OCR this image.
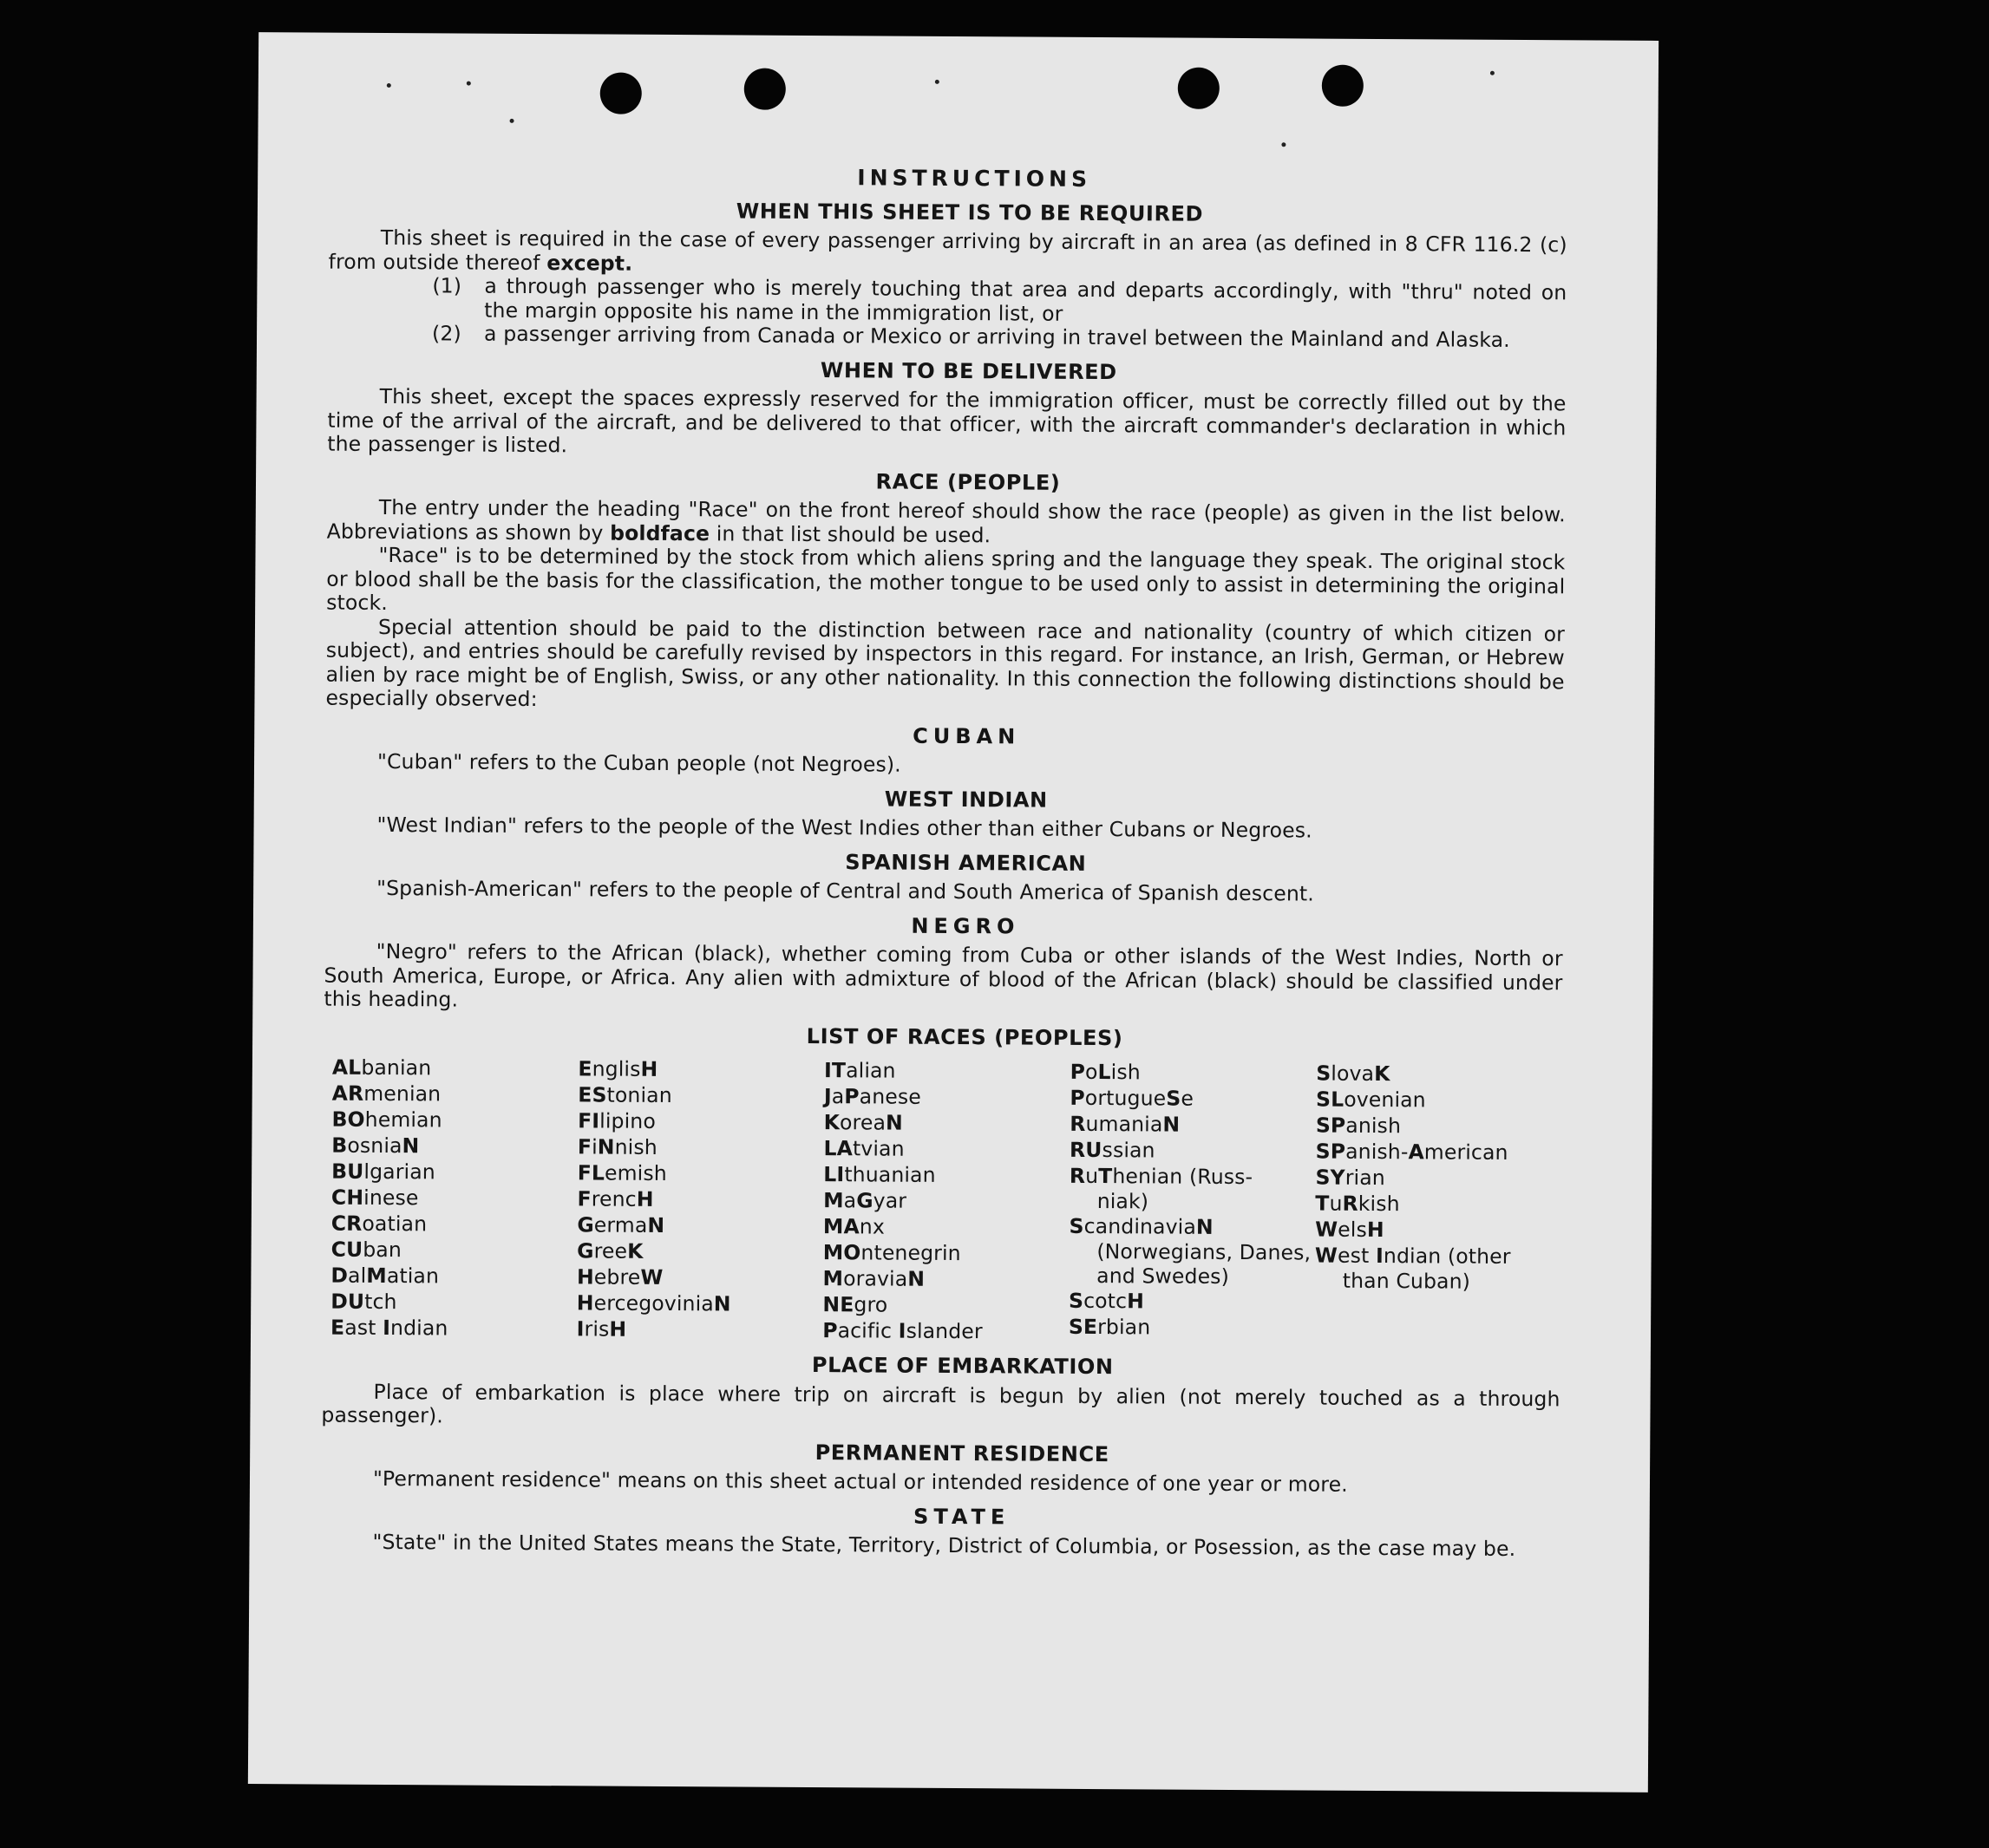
INSTRUCTIONS
WHEN THIS SHEET IS TO BE REQUIRED

This sheet is required in the case of every passenger arriving by aircraft in an area (as defined in 8 CFR 116.2 (c) from outside thereof except.

(1) a through passenger who is merely touching that area and departs accordingly, with "thru" noted on the margin opposite his name in the immigration list, or

(2) a passenger arriving from Canada or Mexico or arriving in travel between the Mainland and Alaska.

WHEN TO BE DELIVERED

This sheet, except the spaces expressly reserved for the immigration officer, must be correctly filled out by the time of the arrival of the aircraft, and be delivered to that officer, with the aircraft commander's declaration in which the passenger is listed.

RACE (PEOPLE)

The entry under the heading "Race" on the front hereof should show the race (people) as given in the list below. Abbreviations as shown by boldface in that list should be used.

"Race" is to be determined by the stock from which aliens spring and the language they speak. The original stock or blood shall be the basis for the classification, the mother tongue to be used only to assist in determining the original stock.

Special attention should be paid to the distinction between race and nationality (country of which citizen or subject), and entries should be carefully revised by inspectors in this regard. For instance, an Irish, German, or Hebrew alien by race might be of English, Swiss, or any other nationality. In this connection the following distinctions should be especially observed:

CUBAN

"Cuban" refers to the Cuban people (not Negroes).

WEST INDIAN

"West Indian" refers to the people of the West Indies other than either Cubans or Negroes.

SPANISH AMERICAN

"Spanish-American" refers to the people of Central and South America of Spanish descent.

NEGRO

"Negro" refers to the African (black), whether coming from Cuba or other islands of the West Indies, North or South America, Europe, or Africa. Any alien with admixture of blood of the African (black) should be classified under this heading.

LIST OF RACES (PEOPLES)
ALbanian
ARmenian
BOhemian
BosniaN
BUlgarian
CHinese
CRoatian
CUban
DalMatian
DUtch
East Indian
EnglisH
EStonian
FIlipino
FiNnish
FLemish
FrencH
GermaN
GreeK
HebreW
HercegoviniaN
IrisH
ITalian
JaPanese
KoreaN
LAtvian
LIthuanian
MaGyar
MAnx
MOntenegrin
MoraviaN
NEgro
Pacific Islander
PoLish
PortugueSe
RumaniaN
RUssian
RuThenian (Russ-
niak)
ScandinaviaN
(Norwegians, Danes, and Swedes)
ScotcH
SErbian
SlovaK
SLovenian
SPanish
SPanish-American
SYrian
TuRkish
WelsH
West Indian (other
than Cuban)
PLACE OF EMBARKATION

Place of embarkation is place where trip on aircraft is begun by alien (not merely touched as a through passenger).

PERMANENT RESIDENCE

"Permanent residence" means on this sheet actual or intended residence of one year or more.

STATE

"State" in the United States means the State, Territory, District of Columbia, or Posession, as the case may be.
